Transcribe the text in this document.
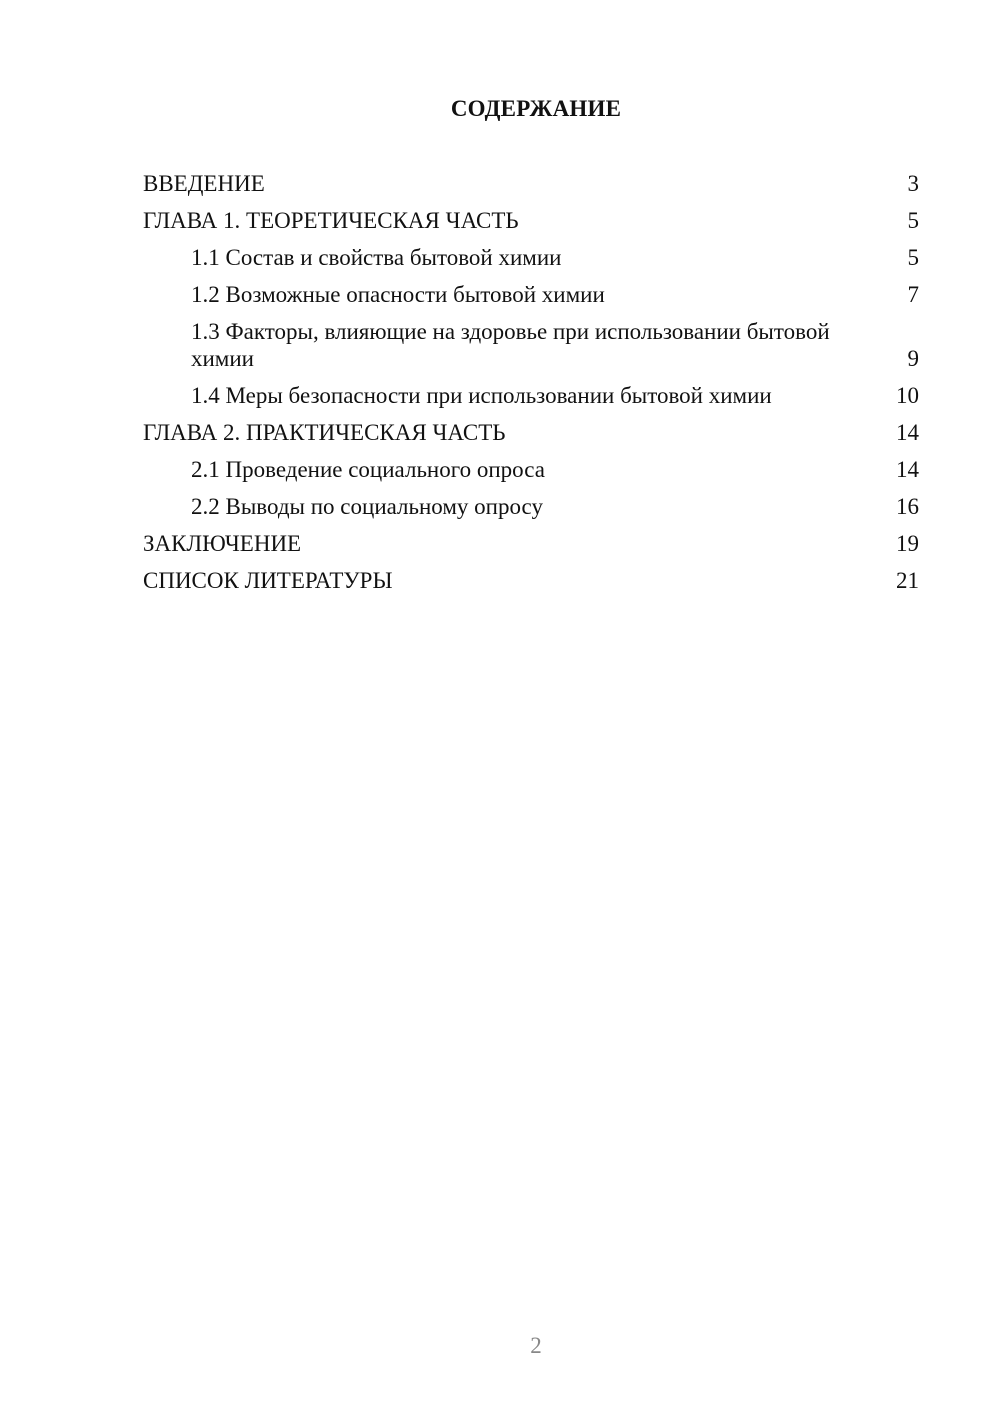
СОДЕРЖАНИЕ
ВВЕДЕНИЕ	3
ГЛАВА 1. ТЕОРЕТИЧЕСКАЯ ЧАСТЬ	5
1.1 Состав и свойства бытовой химии	5
1.2 Возможные опасности бытовой химии	7
1.3 Факторы, влияющие на здоровье при использовании бытовой химии	9
1.4 Меры безопасности при использовании бытовой химии	10
ГЛАВА 2. ПРАКТИЧЕСКАЯ ЧАСТЬ	14
2.1 Проведение социального опроса	14
2.2 Выводы по социальному опросу	16
ЗАКЛЮЧЕНИЕ	19
СПИСОК ЛИТЕРАТУРЫ	21
2
